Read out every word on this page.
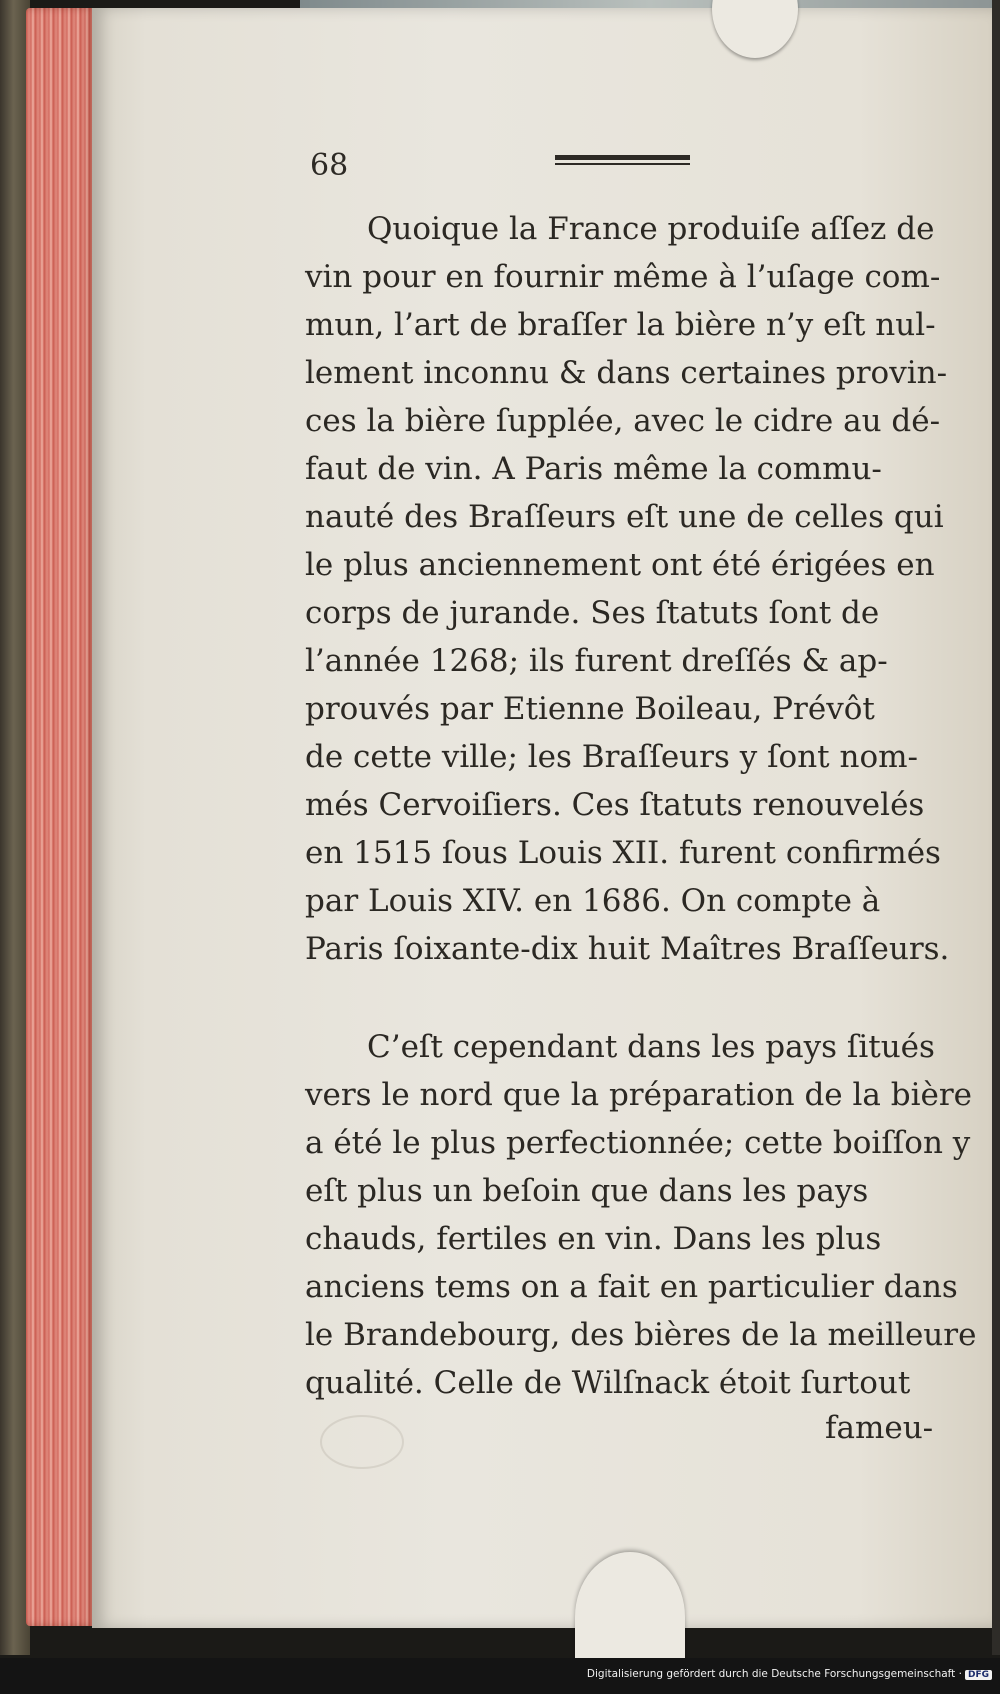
68
Quoique la France produiſe aſſez de
vin pour en fournir même à l’uſage com-
mun, l’art de braſſer la bière n’y eſt nul-
lement inconnu & dans certaines provin-
ces la bière ſupplée, avec le cidre au dé-
faut de vin. A Paris même la commu-
nauté des Braſſeurs eſt une de celles qui
le plus anciennement ont été érigées en
corps de jurande. Ses ſtatuts ſont de
l’année 1268; ils furent dreſſés & ap-
prouvés par Etienne Boileau, Prévôt
de cette ville; les Braſſeurs y ſont nom-
més Cervoiſiers. Ces ſtatuts renouvelés
en 1515 ſous Louis XII. furent confirmés
par Louis XIV. en 1686. On compte à
Paris ſoixante-dix huit Maîtres Braſſeurs.
C’eſt cependant dans les pays ſitués
vers le nord que la préparation de la bière
a été le plus perfectionnée; cette boiſſon y
eſt plus un beſoin que dans les pays
chauds, fertiles en vin. Dans les plus
anciens tems on a fait en particulier dans
le Brandebourg, des bières de la meilleure
qualité. Celle de Wilſnack étoit ſurtout
fameu-
Digitalisierung gefördert durch die Deutsche Forschungsgemeinschaft · DFG
